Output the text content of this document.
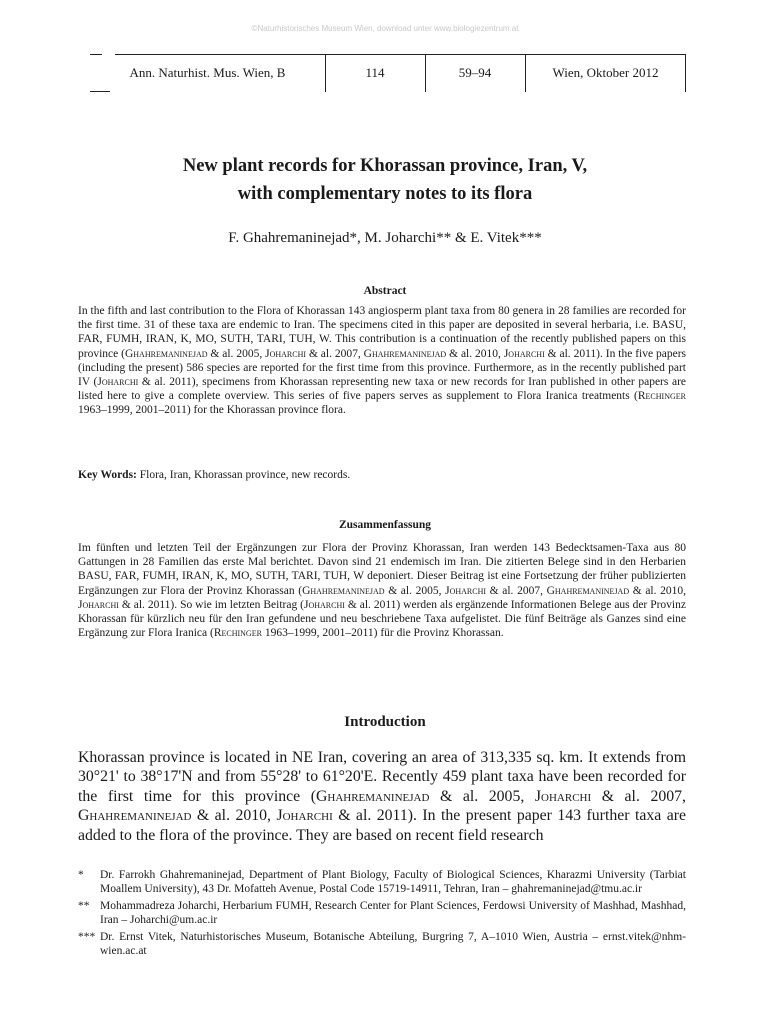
©Naturhistorisches Museum Wien, download unter www.biologiezentrum.at
Ann. Naturhist. Mus. Wien, B	114	59–94	Wien, Oktober 2012
New plant records for Khorassan province, Iran, V,
with complementary notes to its flora
F. Ghahremaninejad*, M. Joharchi** & E. Vitek***
Abstract

In the fifth and last contribution to the Flora of Khorassan 143 angiosperm plant taxa from 80 genera in 28 families are recorded for the first time. 31 of these taxa are endemic to Iran. The specimens cited in this paper are deposited in several herbaria, i.e. BASU, FAR, FUMH, IRAN, K, MO, SUTH, TARI, TUH, W. This contribution is a continuation of the recently published papers on this province (Ghahremaninejad & al. 2005, Joharchi & al. 2007, Ghahremaninejad & al. 2010, Joharchi & al. 2011). In the five papers (including the present) 586 species are reported for the first time from this province. Furthermore, as in the recently published part IV (Joharchi & al. 2011), specimens from Khorassan representing new taxa or new records for Iran published in other papers are listed here to give a complete overview. This series of five papers serves as supplement to Flora Iranica treatments (Rechinger 1963–1999, 2001–2011) for the Khorassan province flora.

Key Words: Flora, Iran, Khorassan province, new records.

Zusammenfassung

Im fünften und letzten Teil der Ergänzungen zur Flora der Provinz Khorassan, Iran werden 143 Bedecktsamen-Taxa aus 80 Gattungen in 28 Familien das erste Mal berichtet. Davon sind 21 endemisch im Iran. Die zitierten Belege sind in den Herbarien BASU, FAR, FUMH, IRAN, K, MO, SUTH, TARI, TUH, W deponiert. Dieser Beitrag ist eine Fortsetzung der früher publizierten Ergänzungen zur Flora der Provinz Khorassan (Ghahremaninejad & al. 2005, Joharchi & al. 2007, Ghahremaninejad & al. 2010, Joharchi & al. 2011). So wie im letzten Beitrag (Joharchi & al. 2011) werden als ergänzende Informationen Belege aus der Provinz Khorassan für kürzlich neu für den Iran gefundene und neu beschriebene Taxa aufgelistet. Die fünf Beiträge als Ganzes sind eine Ergänzung zur Flora Iranica (Rechinger 1963–1999, 2001–2011) für die Provinz Khorassan.

Introduction

Khorassan province is located in NE Iran, covering an area of 313,335 sq. km. It extends from 30°21' to 38°17'N and from 55°28' to 61°20'E. Recently 459 plant taxa have been recorded for the first time for this province (Ghahremaninejad & al. 2005, Joharchi & al. 2007, Ghahremaninejad & al. 2010, Joharchi & al. 2011). In the present paper 143 further taxa are added to the flora of the province. They are based on recent field research

* Dr. Farrokh Ghahremaninejad, Department of Plant Biology, Faculty of Biological Sciences, Kharazmi University (Tarbiat Moallem University), 43 Dr. Mofatteh Avenue, Postal Code 15719-14911, Tehran, Iran – ghahremaninejad@tmu.ac.ir
** Mohammadreza Joharchi, Herbarium FUMH, Research Center for Plant Sciences, Ferdowsi University of Mashhad, Mashhad, Iran – Joharchi@um.ac.ir
*** Dr. Ernst Vitek, Naturhistorisches Museum, Botanische Abteilung, Burgring 7, A–1010 Wien, Austria – ernst.vitek@nhm-wien.ac.at
